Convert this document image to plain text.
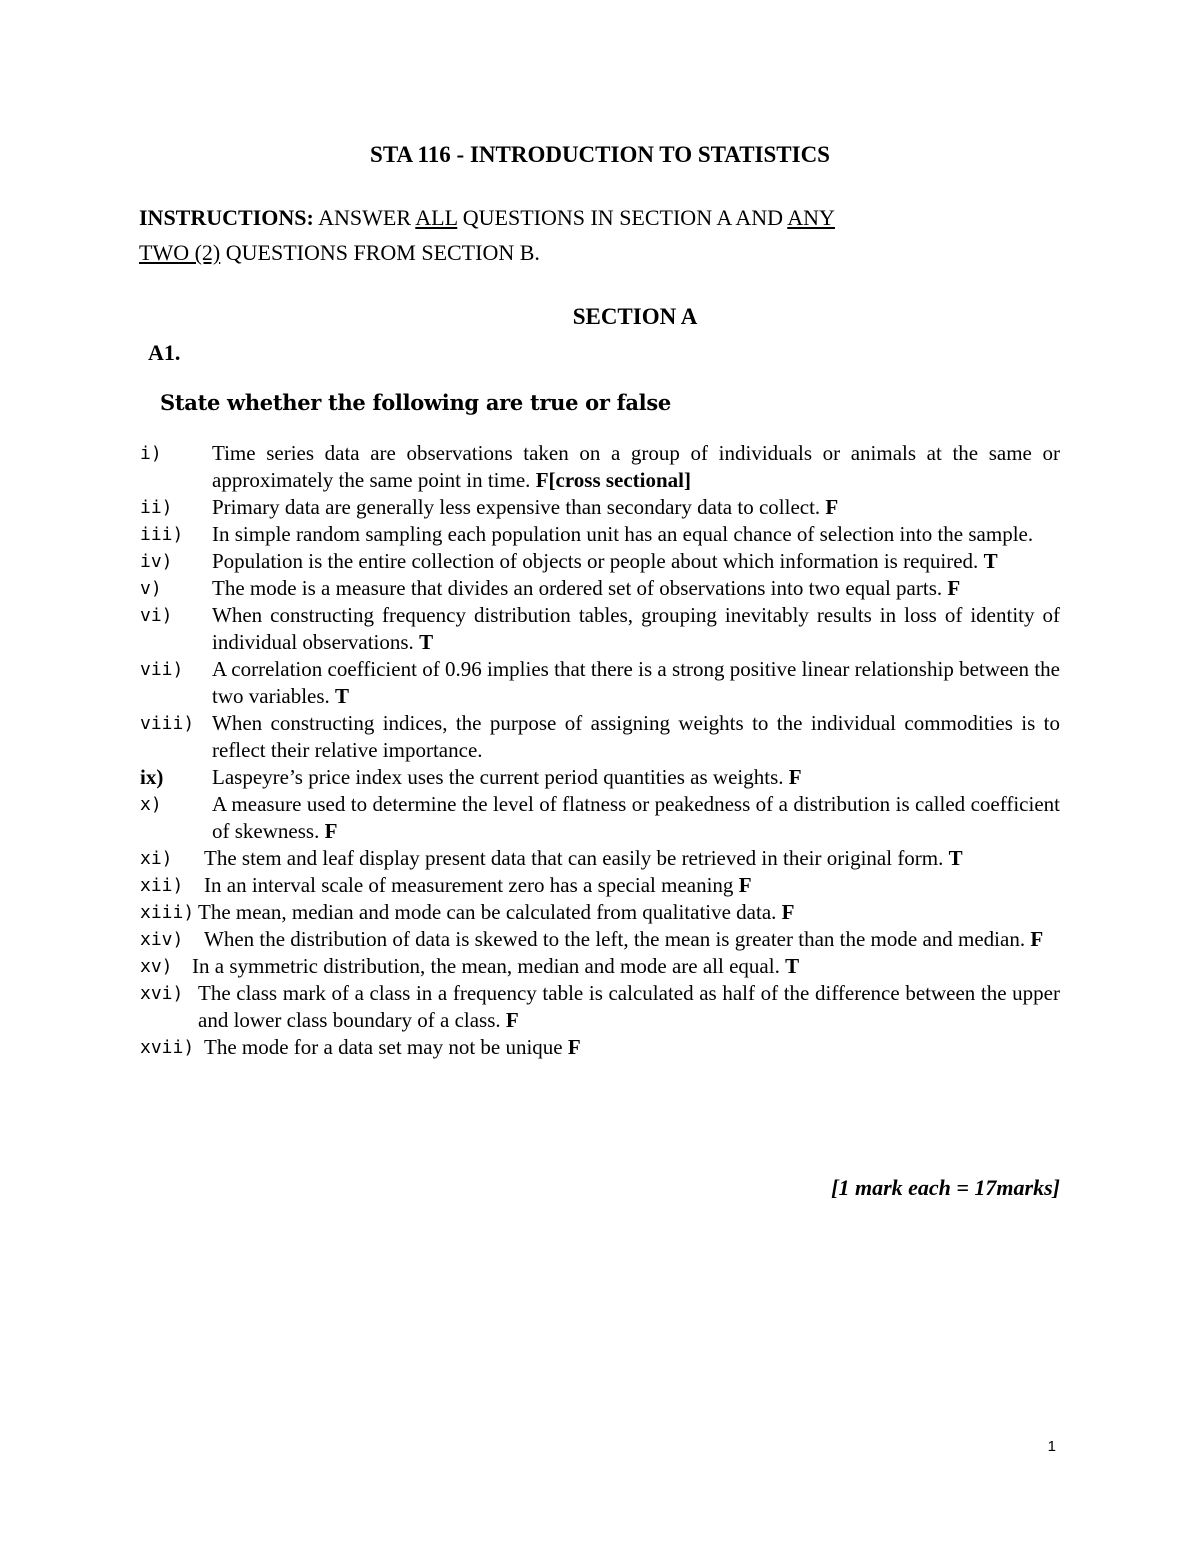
STA 116 - INTRODUCTION TO STATISTICS
INSTRUCTIONS: ANSWER ALL QUESTIONS IN SECTION A AND ANY
TWO (2) QUESTIONS FROM SECTION B.
SECTION A
A1.
State whether the following are true or false
i) Time series data are observations taken on a group of individuals or animals at the same or approximately the same point in time. F[cross sectional]
ii) Primary data are generally less expensive than secondary data to collect. F
iii) In simple random sampling each population unit has an equal chance of selection into the sample.
iv) Population is the entire collection of objects or people about which information is required. T
v) The mode is a measure that divides an ordered set of observations into two equal parts. F
vi) When constructing frequency distribution tables, grouping inevitably results in loss of identity of individual observations. T
vii) A correlation coefficient of 0.96 implies that there is a strong positive linear relationship between the two variables. T
viii) When constructing indices, the purpose of assigning weights to the individual commodities is to reflect their relative importance.
ix) Laspeyre’s price index uses the current period quantities as weights. F
x) A measure used to determine the level of flatness or peakedness of a distribution is called coefficient of skewness. F
xi) The stem and leaf display present data that can easily be retrieved in their original form. T
xii) In an interval scale of measurement zero has a special meaning F
xiii) The mean, median and mode can be calculated from qualitative data. F
xiv) When the distribution of data is skewed to the left, the mean is greater than the mode and median. F
xv) In a symmetric distribution, the mean, median and mode are all equal. T
xvi) The class mark of a class in a frequency table is calculated as half of the difference between the upper and lower class boundary of a class. F
xvii) The mode for a data set may not be unique F
[1 mark each = 17marks]
1
